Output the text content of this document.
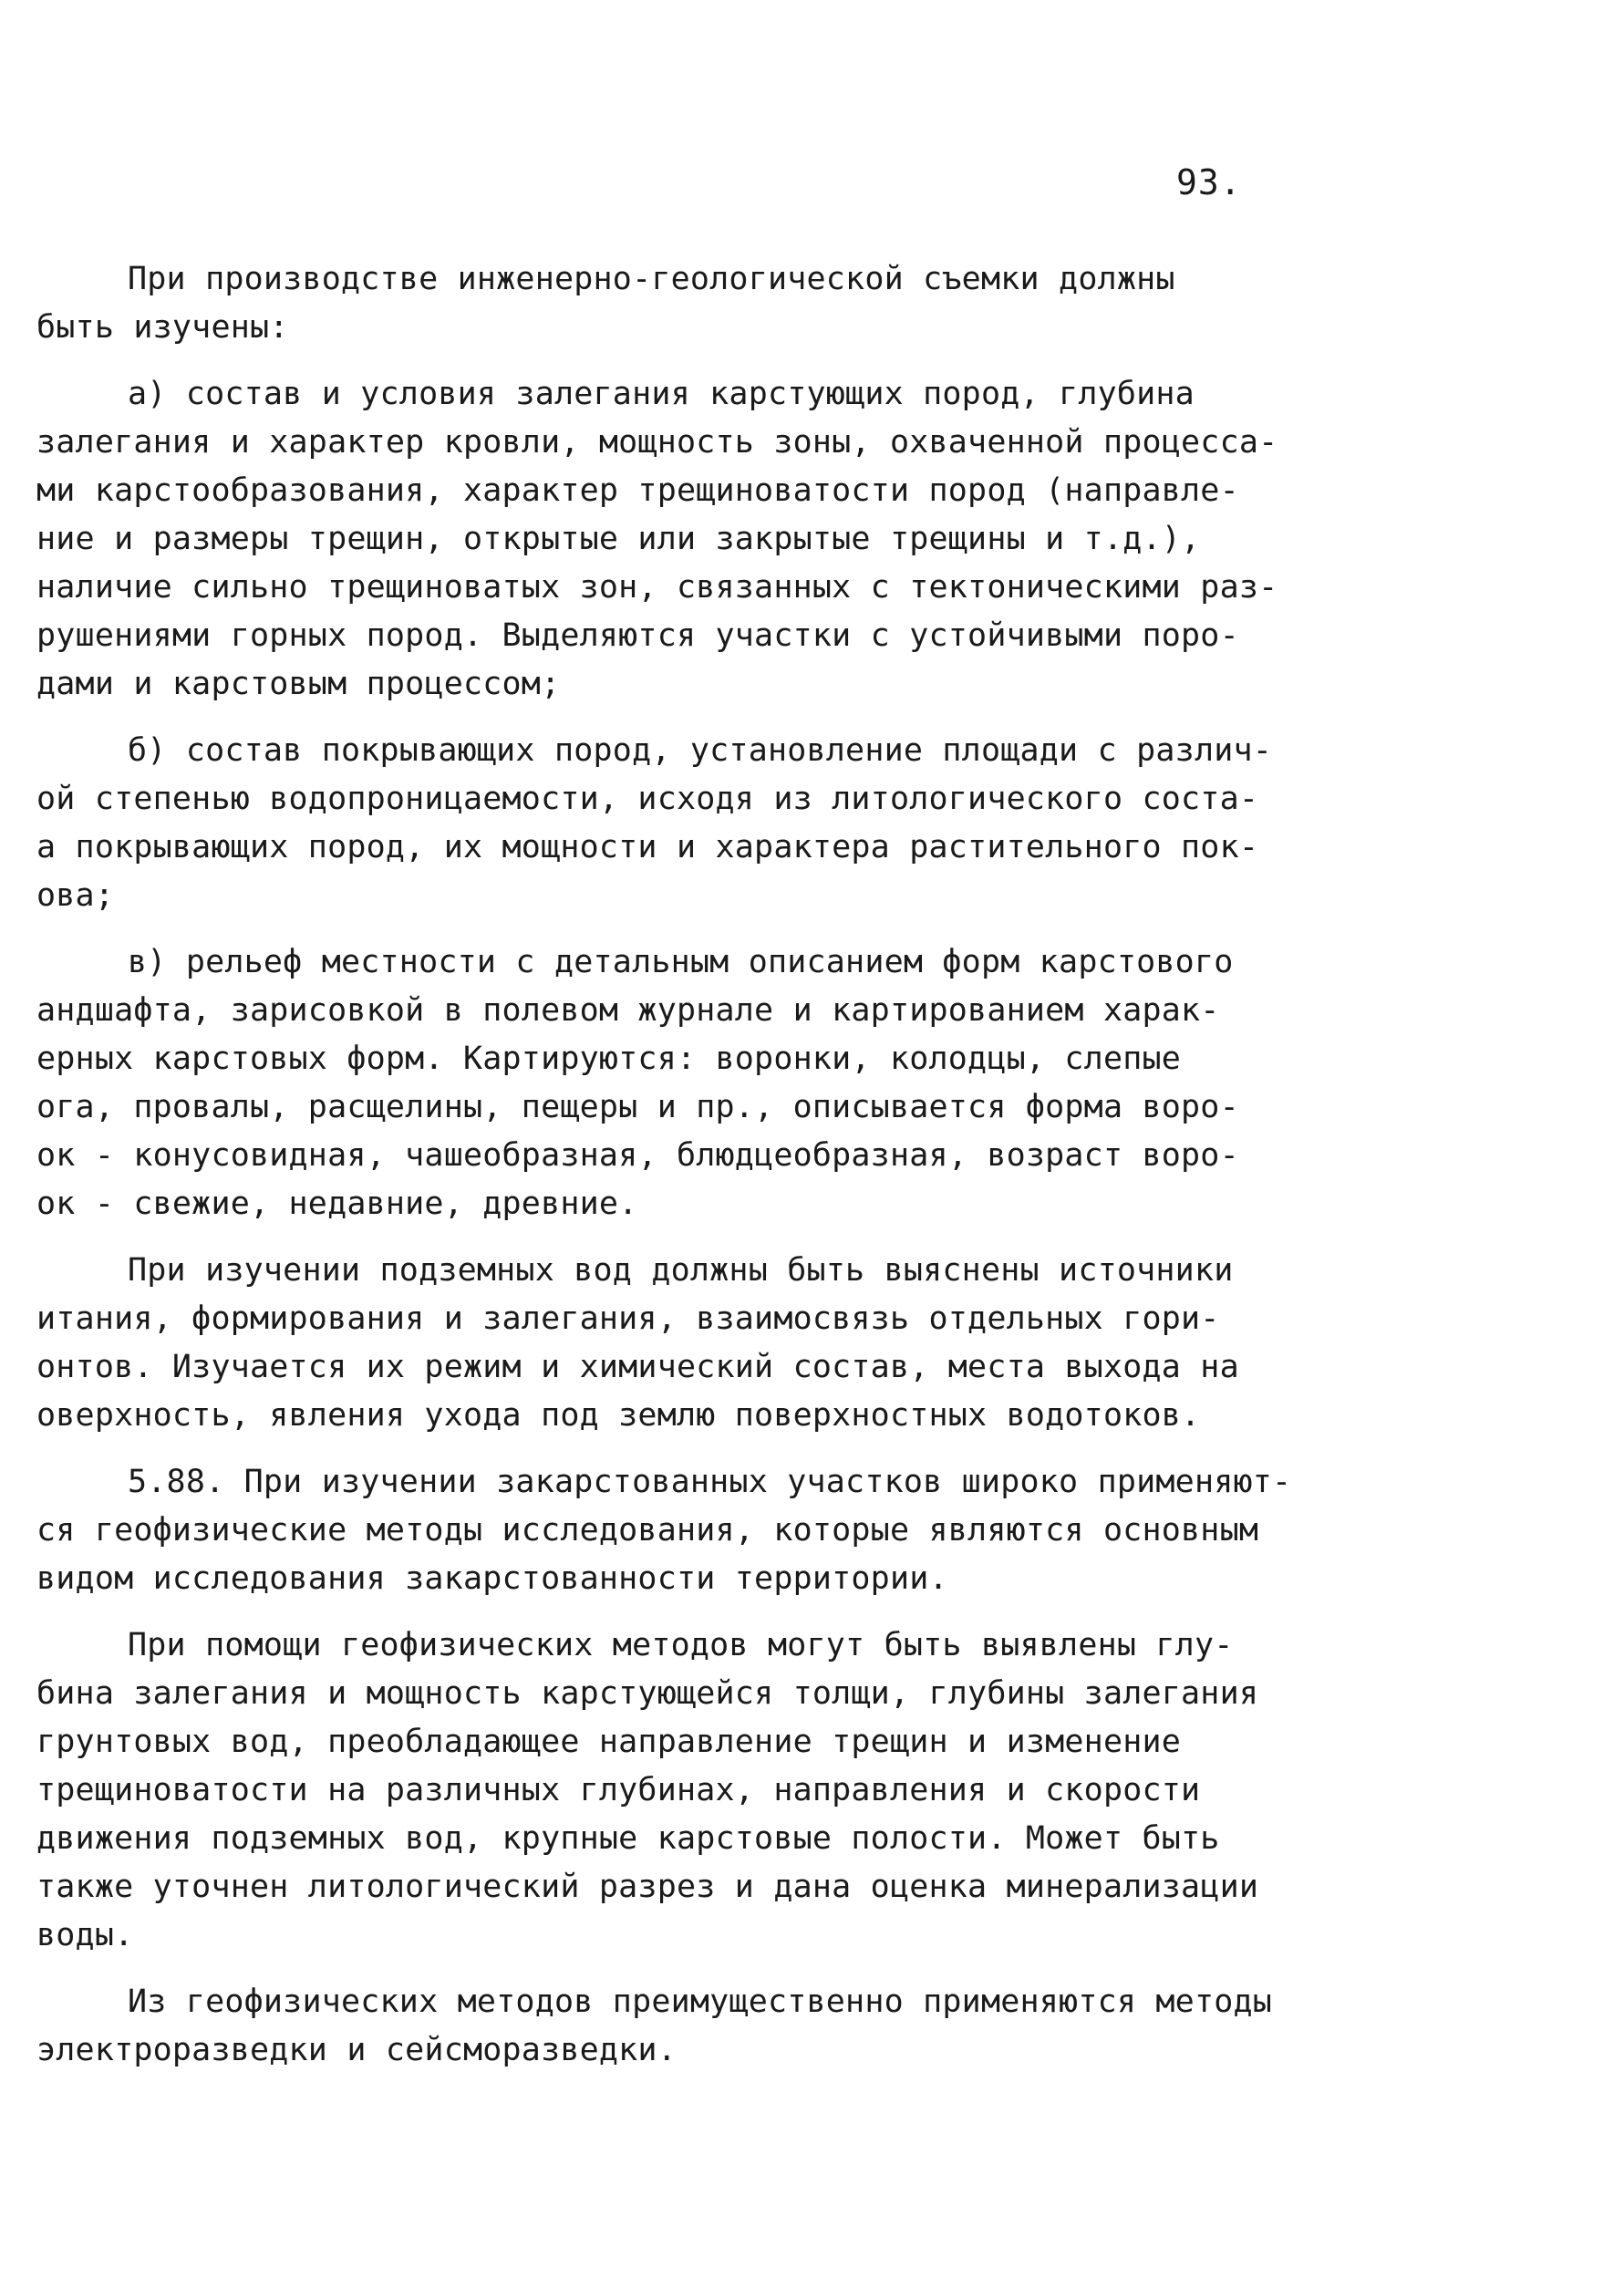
93.

При производстве инженерно-геологической съемки должны
быть изучены:
а) состав и условия залегания карстующих пород, глубина
залегания и характер кровли, мощность зоны, охваченной процесса-
ми карстообразования, характер трещиноватости пород (направле-
ние и размеры трещин, открытые или закрытые трещины и т.д.),
наличие сильно трещиноватых зон, связанных с тектоническими раз-
рушениями горных пород. Выделяются участки с устойчивыми поро-
дами и карстовым процессом;
б) состав покрывающих пород, установление площади с различ-
ой степенью водопроницаемости, исходя из литологического соста-
а покрывающих пород, их мощности и характера растительного пок-
ова;
в) рельеф местности с детальным описанием форм карстового
андшафта, зарисовкой в полевом журнале и картированием харак-
ерных карстовых форм. Картируются: воронки, колодцы, слепые
ога, провалы, расщелины, пещеры и пр., описывается форма воро-
ок - конусовидная, чашеобразная, блюдцеобразная, возраст воро-
ок - свежие, недавние, древние.
При изучении подземных вод должны быть выяснены источники
итания, формирования и залегания, взаимосвязь отдельных гори-
онтов. Изучается их режим и химический состав, места выхода на
оверхность, явления ухода под землю поверхностных водотоков.
5.88. При изучении закарстованных участков широко применяют-
ся геофизические методы исследования, которые являются основным
видом исследования закарстованности территории.
При помощи геофизических методов могут быть выявлены глу-
бина залегания и мощность карстующейся толщи, глубины залегания
грунтовых вод, преобладающее направление трещин и изменение
трещиноватости на различных глубинах, направления и скорости
движения подземных вод, крупные карстовые полости. Может быть
также уточнен литологический разрез и дана оценка минерализации
воды.
Из геофизических методов преимущественно применяются методы
электроразведки и сейсморазведки.
